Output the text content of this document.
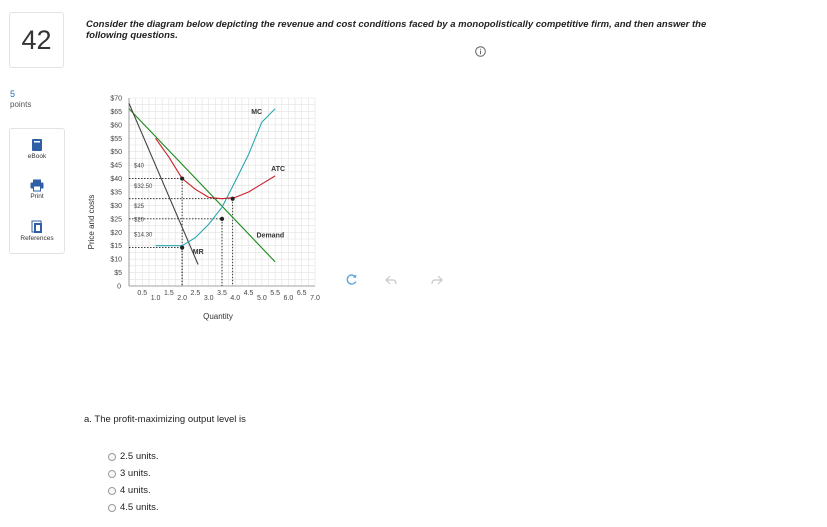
42
5
points
eBook
Print
References
Consider the diagram below depicting the revenue and cost conditions faced by a monopolistically competitive firm, and then answer the following questions.
$70
$65
$60
$55
$50
$45
$40
$35
$30
$25
$20
$15
$10
$5
0
0.5 1.5 2.5 3.5 4.5 5.5 6.5
1.0 2.0 3.0 4.0 5.0 6.0 7.0
$40
$32.50
$25
$20
$14.30
MC
ATC
Demand
MR
Price and costs
Quantity
a. The profit-maximizing output level is
2.5 units.
3 units.
4 units.
4.5 units.
